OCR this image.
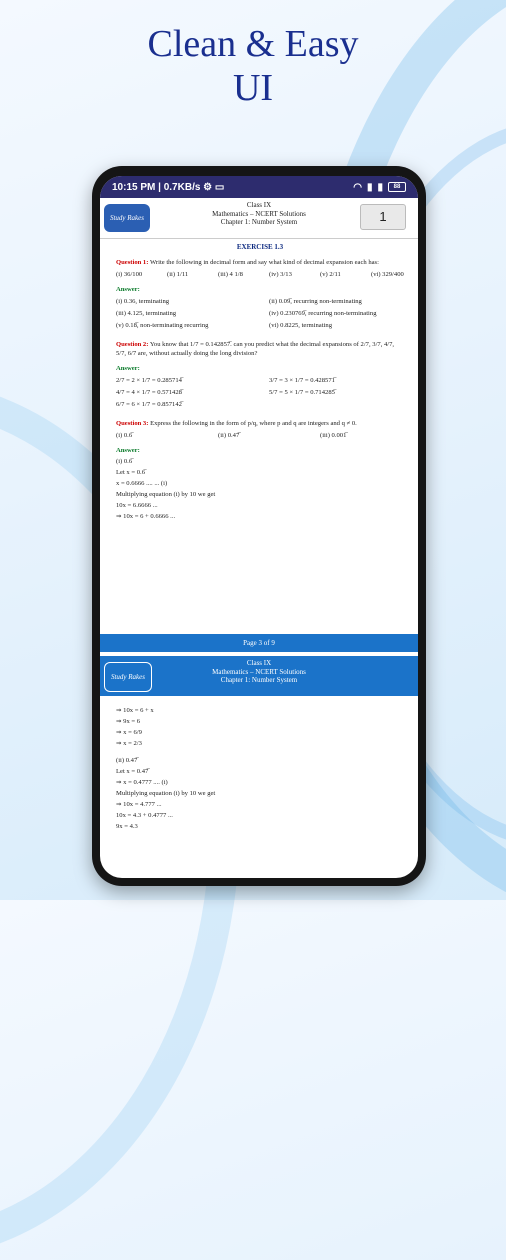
Clean & Easy
UI
10:15 PM | 0.7KB/s ⚙ ▭	◠ ▮ ▮	88
Study Rakes
Class IX
Mathematics – NCERT Solutions
Chapter 1: Number System	1
EXERCISE 1.3
Question 1: Write the following in decimal form and say what kind of decimal expansion each has:
(i) 36/100	(ii) 1/11	(iii) 4 1/8	(iv) 3/13	(v) 2/11	(vi) 329/400
Answer:
(i) 0.36, terminating	(ii) 0.09̅, recurring non-terminating
(iii) 4.125, terminating	(iv) 0.230769̅, recurring non-terminating
(v) 0.18̅, non-terminating recurring	(vi) 0.8225, terminating
Question 2: You know that 1/7 = 0.142857̅. can you predict what the decimal expansions of 2/7, 3/7, 4/7, 5/7, 6/7 are, without actually doing the long division?
Answer:
2/7 = 2 × 1/7 = 0.285714̅	3/7 = 3 × 1/7 = 0.428571̅
4/7 = 4 × 1/7 = 0.571428̅	5/7 = 5 × 1/7 = 0.714285̅
6/7 = 6 × 1/7 = 0.857142̅
Question 3: Express the following in the form of p/q, where p and q are integers and q ≠ 0.
(i) 0.6̅	(ii) 0.47̅	(iii) 0.001̅
Answer:
(i) 0.6̅
Let x = 0.6̅
x = 0.6666 .... ... (i)
Multiplying equation (i) by 10 we get
10x = 6.6666 ...
⇒ 10x = 6 + 0.6666 ...
Page 3 of 9
Study Rakes
Class IX
Mathematics – NCERT Solutions
Chapter 1: Number System
⇒ 10x = 6 + x
⇒ 9x = 6
⇒ x = 6/9
⇒ x = 2/3
(ii) 0.47̅
Let x = 0.47̅
⇒ x = 0.4777 .... (i)
Multiplying equation (i) by 10 we get
⇒ 10x = 4.777 ...
10x = 4.3 + 0.4777 ...
9x = 4.3
